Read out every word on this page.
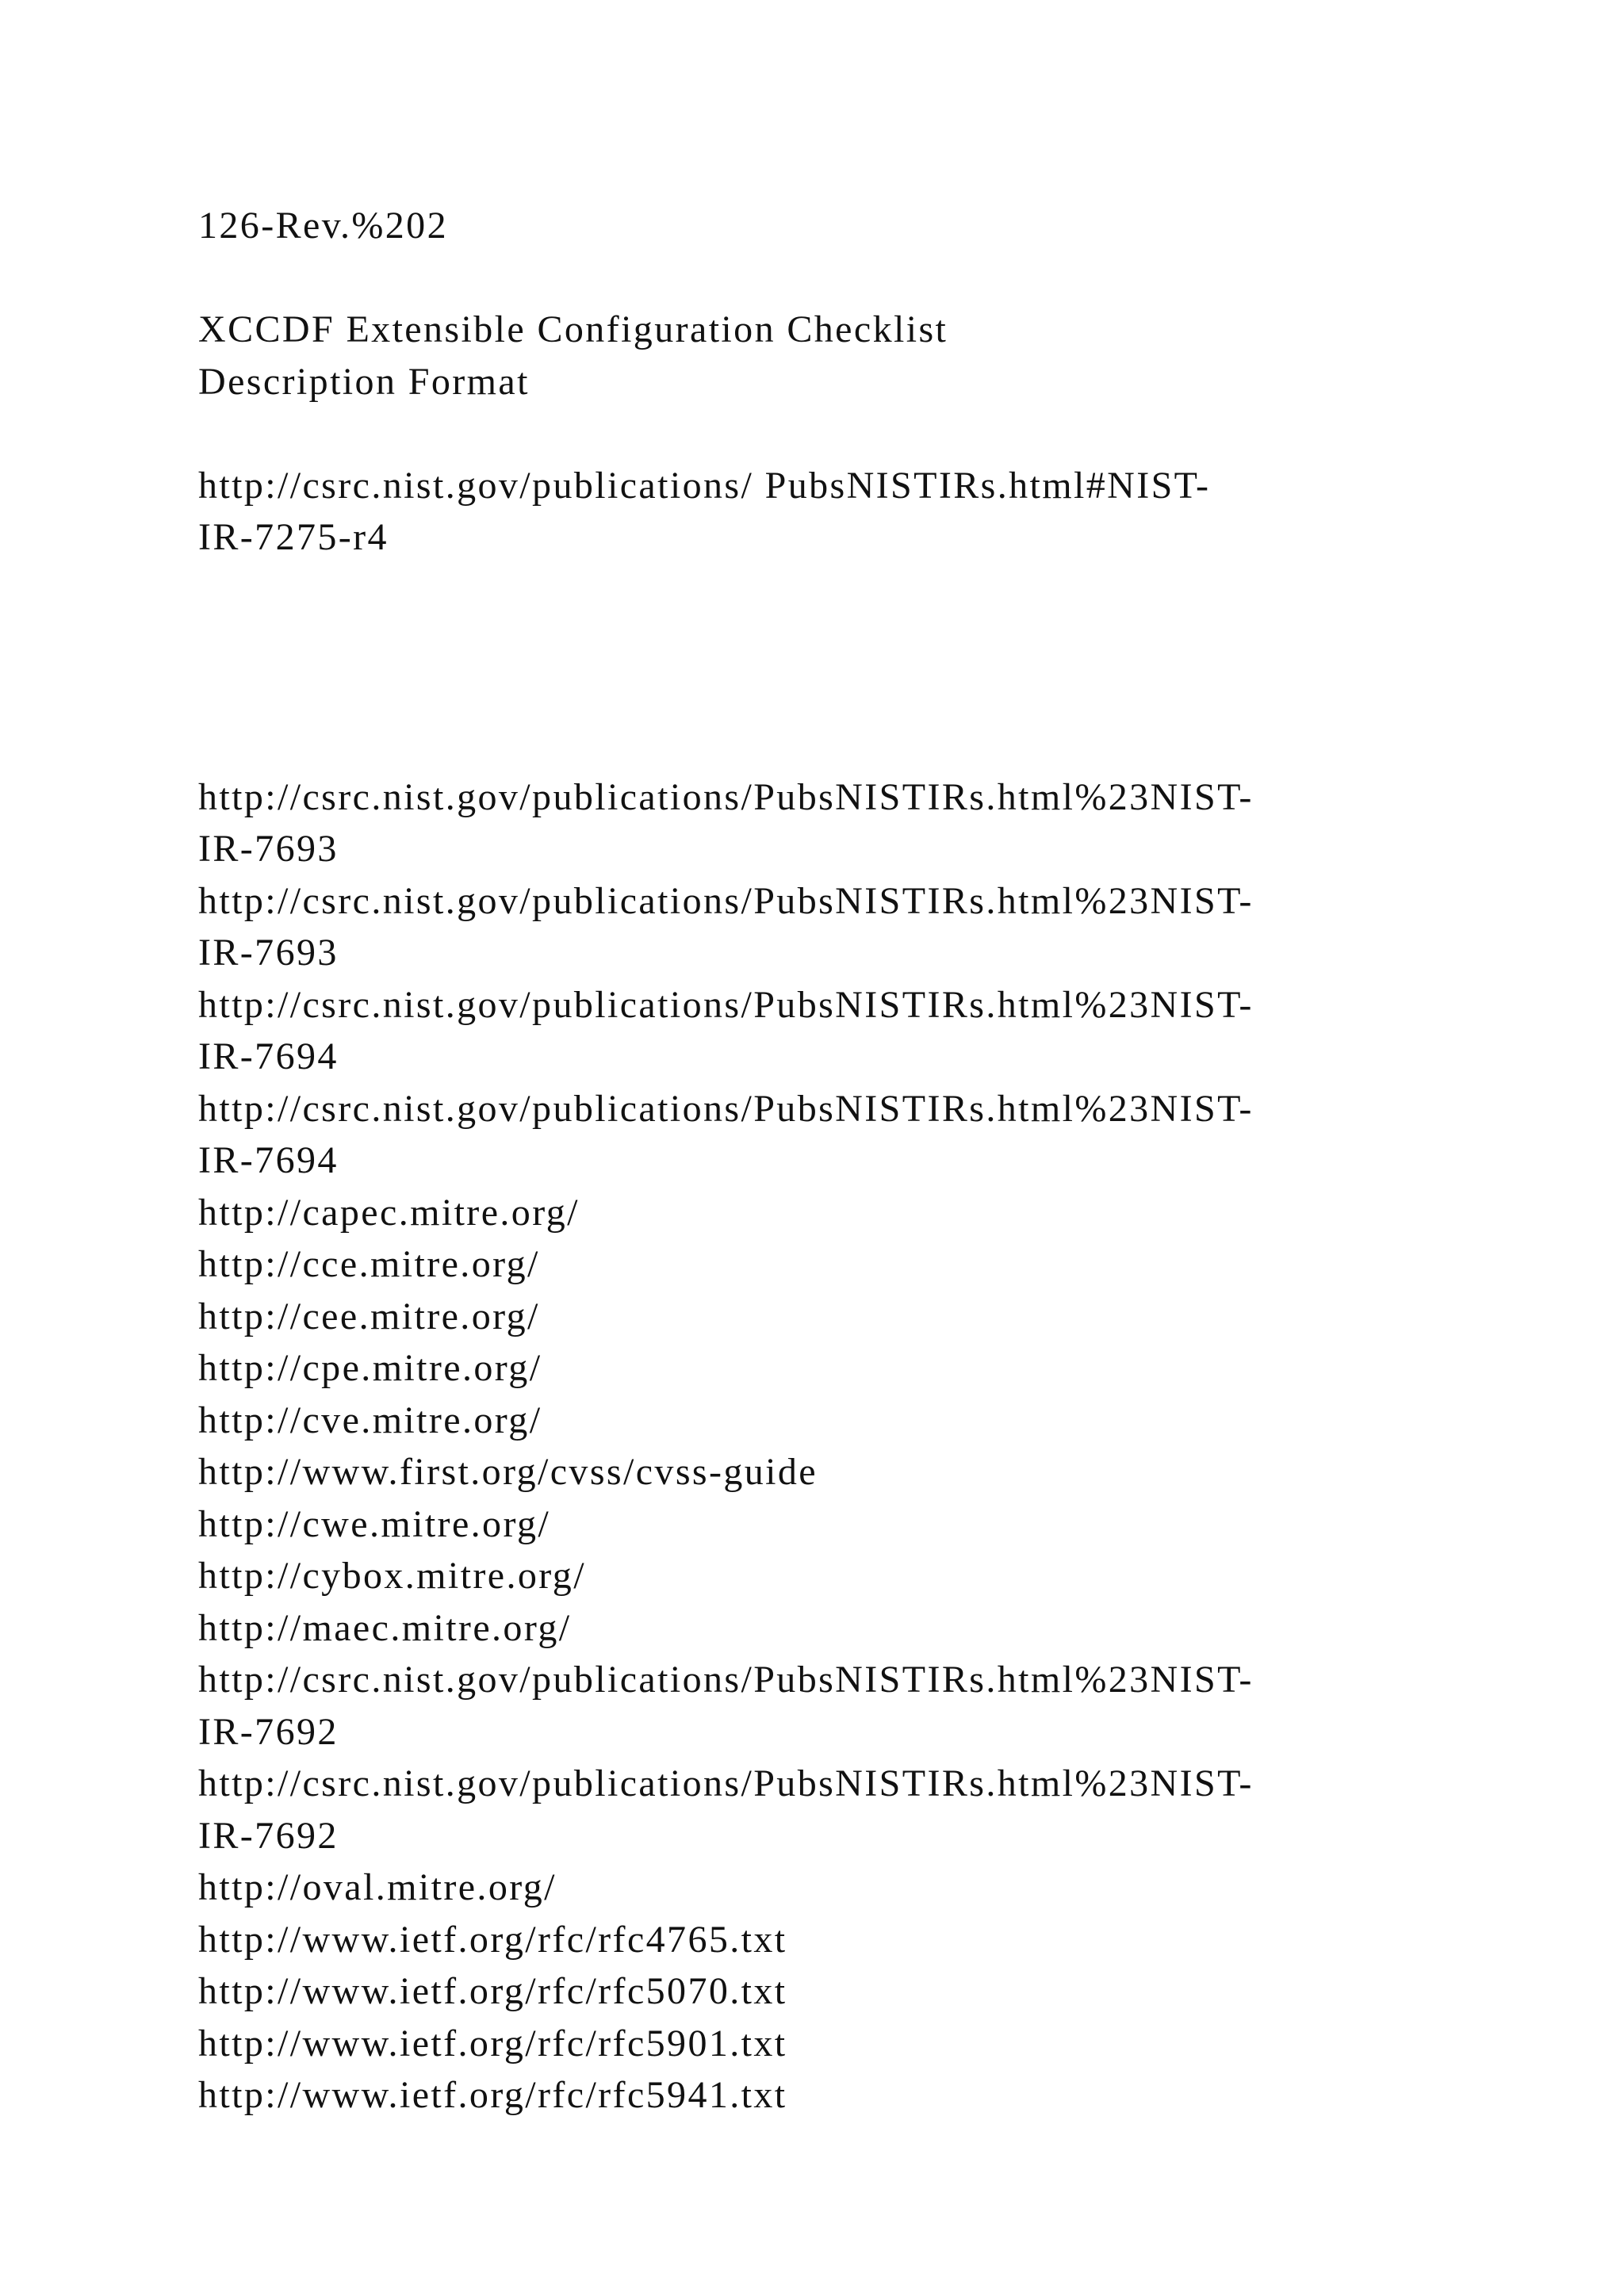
126-Rev.%202
XCCDF Extensible Configuration Checklist
Description Format
http://csrc.nist.gov/publications/ PubsNISTIRs.html#NIST-
IR-7275-r4
http://csrc.nist.gov/publications/PubsNISTIRs.html%23NIST-
IR-7693
http://csrc.nist.gov/publications/PubsNISTIRs.html%23NIST-
IR-7693
http://csrc.nist.gov/publications/PubsNISTIRs.html%23NIST-
IR-7694
http://csrc.nist.gov/publications/PubsNISTIRs.html%23NIST-
IR-7694
http://capec.mitre.org/
http://cce.mitre.org/
http://cee.mitre.org/
http://cpe.mitre.org/
http://cve.mitre.org/
http://www.first.org/cvss/cvss-guide
http://cwe.mitre.org/
http://cybox.mitre.org/
http://maec.mitre.org/
http://csrc.nist.gov/publications/PubsNISTIRs.html%23NIST-
IR-7692
http://csrc.nist.gov/publications/PubsNISTIRs.html%23NIST-
IR-7692
http://oval.mitre.org/
http://www.ietf.org/rfc/rfc4765.txt
http://www.ietf.org/rfc/rfc5070.txt
http://www.ietf.org/rfc/rfc5901.txt
http://www.ietf.org/rfc/rfc5941.txt
